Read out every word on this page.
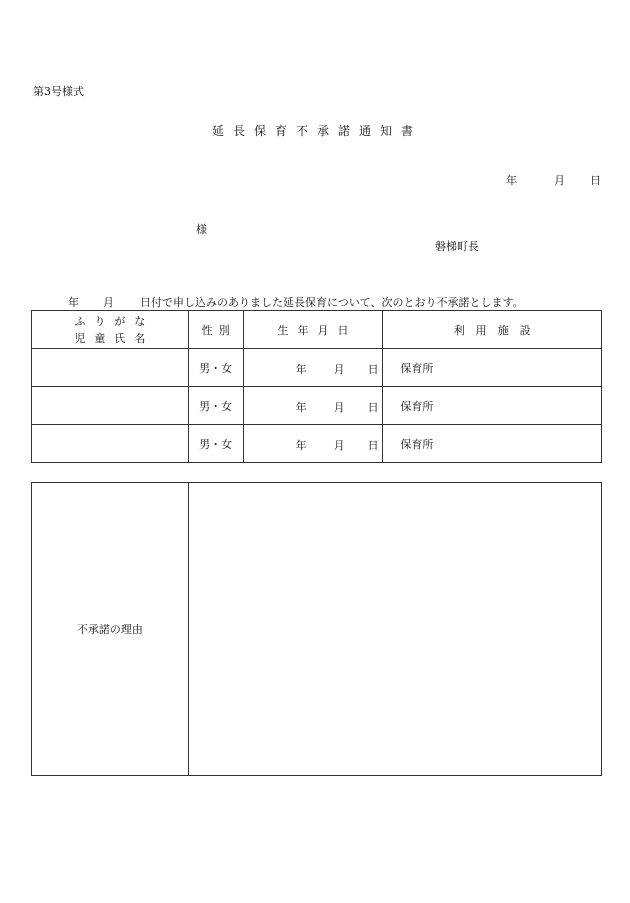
第3号様式
延長保育不承諾通知書
年	月 日
様
磐梯町長
年 月 日付で申し込みのありました延長保育について、次のとおり不承諾とします。
ふりがな
児童氏名	性別	生年月日	利用施設
	男・女	年 月 日	保育所
	男・女	年 月 日	保育所
	男・女	年 月 日	保育所
不承諾の理由	
